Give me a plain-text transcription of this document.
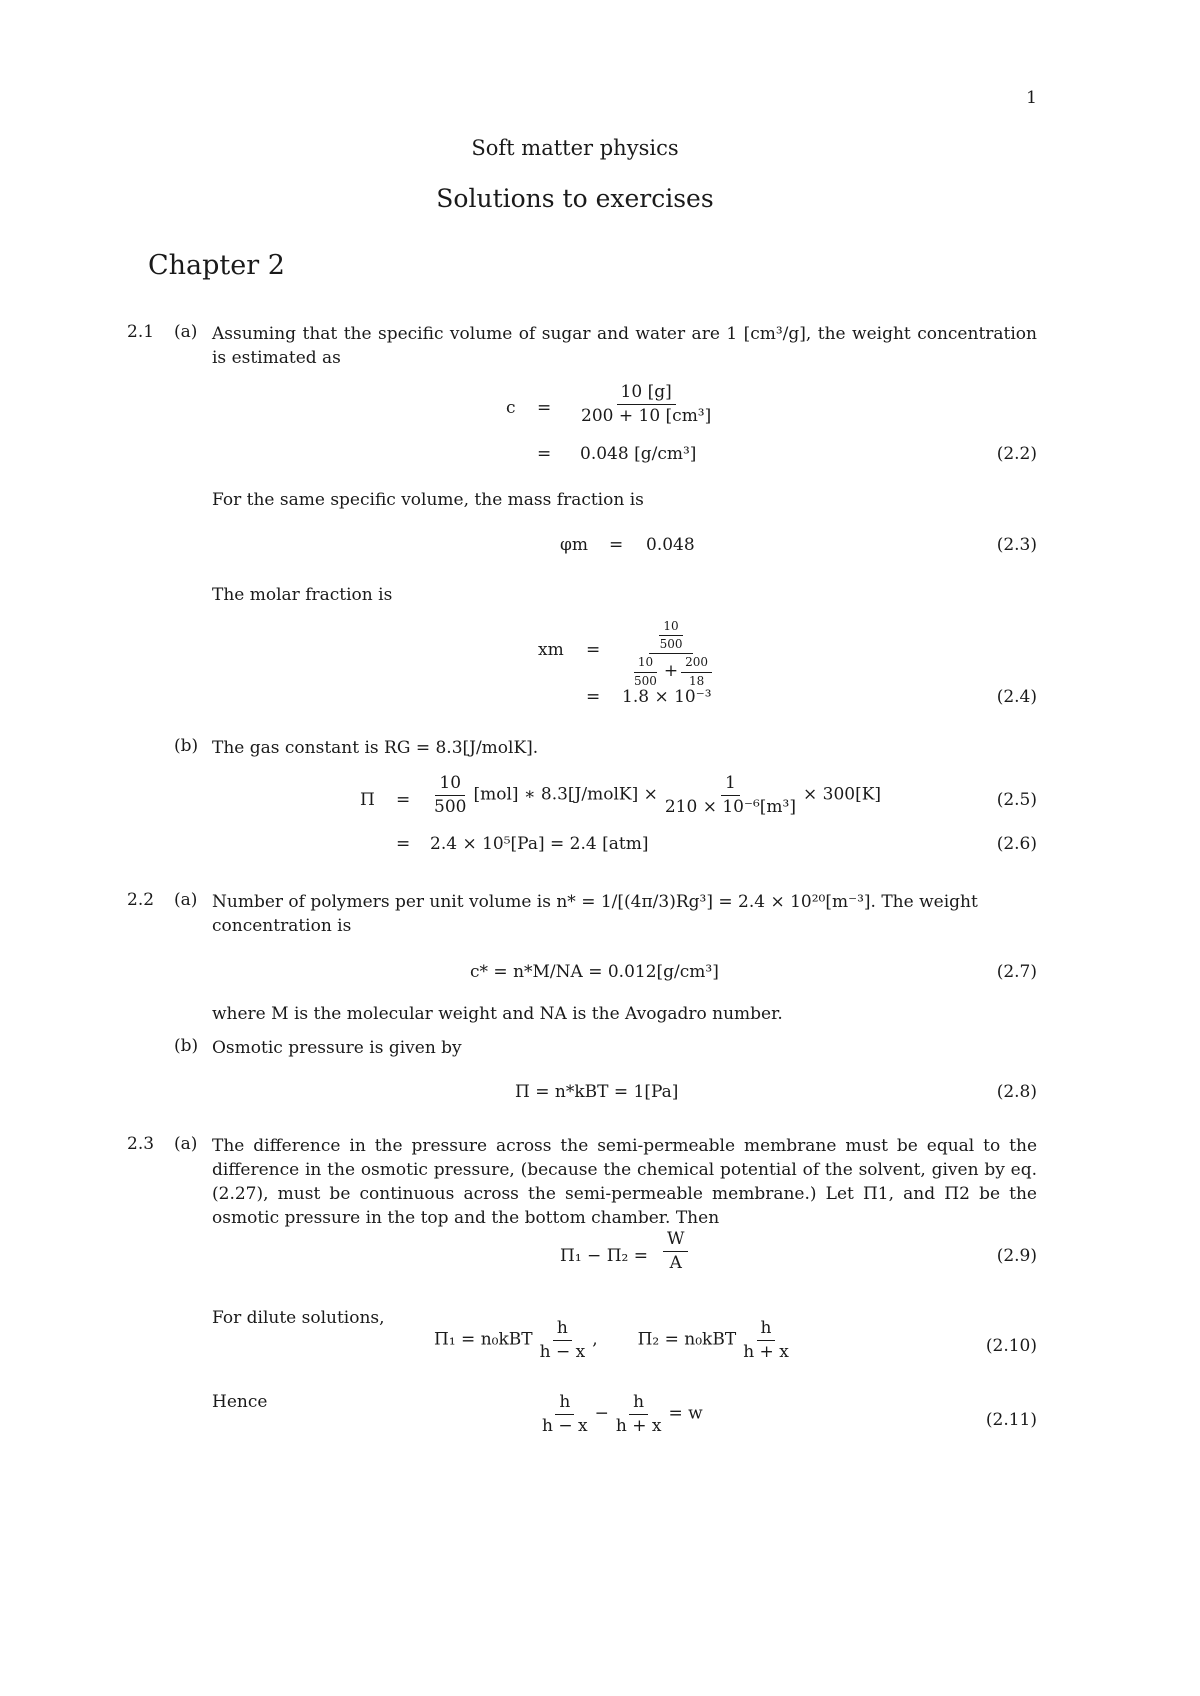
1
Soft matter physics
Solutions to exercises
Chapter 2
2.1 (a) Assuming that the specific volume of sugar and water are 1 [cm³/g], the weight concentration is estimated as
$c = \frac{10 [g]}{\text{200 + 10 [cm³]}}$
= 0.048 [g/cm³]	(2.2)
For the same specific volume, the mass fraction is
φm = 0.048	(2.3)
The molar fraction is
xm = $\frac{\frac{10}{500}}{\frac{10}{500} + \frac{200}{18}}$
= 1.8 × 10⁻³	(2.4)
(b) The gas constant is RG = 8.3[J/molK].
$\Pi = \frac{10}{500} [mol]$ ∗ 8.3[J/molK] × $\frac{1}{\text{210 × 10⁻⁶[m³]}} \times 300[K]$	(2.5)
= 2.4 × 10⁵[Pa] = 2.4 [atm]	(2.6)
2.2 (a) Number of polymers per unit volume is n* = 1/[(4π/3)Rg³] = 2.4 × 10²⁰[m⁻³]. The weight
concentration is
c* = n*M/NA = 0.012[g/cm³]	(2.7)
where M is the molecular weight and NA is the Avogadro number.
(b) Osmotic pressure is given by
Π = n*kBT = 1[Pa]	(2.8)
2.3 (a) The difference in the pressure across the semi-permeable membrane must be equal to the difference in the osmotic pressure, (because the chemical potential of the solvent, given by eq.(2.27), must be continuous across the semi-permeable membrane.) Let Π1, and Π2 be the osmotic pressure in the top and the bottom chamber. Then
$\Pi_1 - \Pi_2 = \frac{W}{A}$	(2.9)
For dilute solutions,
$\Pi_1 = n_0kBT \frac{h}{h - x}$ , $\Pi_2 = n_0kBT \frac{h}{h + x}$	(2.10)
Hence	$\frac{h}{h - x} - \frac{h}{h + x} = w$	(2.11)
